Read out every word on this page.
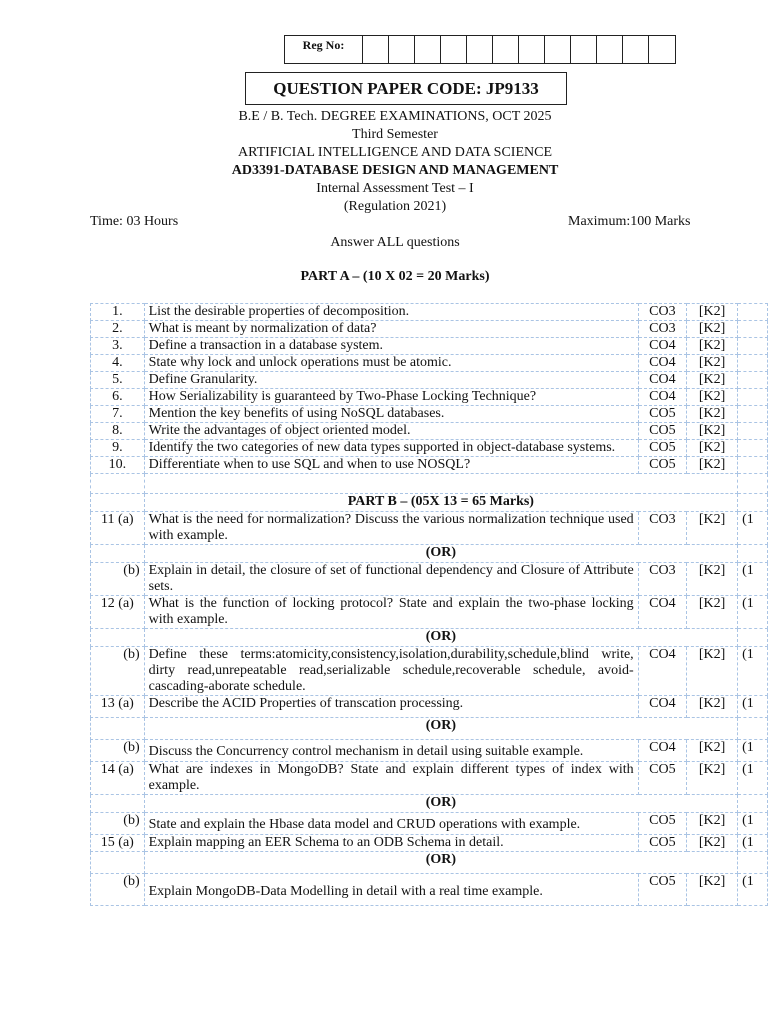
Reg No:
QUESTION PAPER CODE: JP9133
B.E / B. Tech. DEGREE EXAMINATIONS, OCT 2025
Third Semester
ARTIFICIAL INTELLIGENCE AND DATA SCIENCE
AD3391-DATABASE DESIGN AND MANAGEMENT
Internal Assessment Test – I
(Regulation 2021)
Time: 03 Hours	Maximum:100 Marks
Answer ALL questions
PART A – (10 X 02 = 20 Marks)
1.	List the desirable properties of decomposition.	CO3	[K2]	
2.	What is meant by normalization of data?	CO3	[K2]	
3.	Define a transaction in a database system.	CO4	[K2]	
4.	State why lock and unlock operations must be atomic.	CO4	[K2]	
5.	Define Granularity.	CO4	[K2]	
6.	How Serializability is guaranteed by Two-Phase Locking Technique?	CO4	[K2]	
7.	Mention the key benefits of using NoSQL databases.	CO5	[K2]	
8.	Write the advantages of object oriented model.	CO5	[K2]	
9.	Identify the two categories of new data types supported in object-database systems.	CO5	[K2]	
10.	Differentiate when to use SQL and when to use NOSQL?	CO5	[K2]	

	PART B – (05X 13 = 65 Marks)			
11 (a)	What is the need for normalization? Discuss the various normalization technique used with example.	CO3	[K2]	(1
	(OR)			
(b)	Explain in detail, the closure of set of functional dependency and Closure of Attribute sets.	CO3	[K2]	(1
12 (a)	What is the function of locking protocol? State and explain the two-phase locking with example.	CO4	[K2]	(1
	(OR)			
(b)	Define these terms:atomicity,consistency,isolation,durability,schedule,blind write, dirty read,unrepeatable read,serializable schedule,recoverable schedule, avoid-cascading-aborate schedule.	CO4	[K2]	(1
13 (a)	Describe the ACID Properties of transcation processing.	CO4	[K2]	(1
	(OR)			
(b)	Discuss the Concurrency control mechanism in detail using suitable example.	CO4	[K2]	(1
14 (a)	What are indexes in MongoDB? State and explain different types of index with example.	CO5	[K2]	(1
	(OR)			
(b)	State and explain the Hbase data model and CRUD operations with example.	CO5	[K2]	(1
15 (a)	Explain mapping an EER Schema to an ODB Schema in detail.	CO5	[K2]	(1
	(OR)			
(b)	Explain MongoDB-Data Modelling in detail with a real time example.	CO5	[K2]	(1
